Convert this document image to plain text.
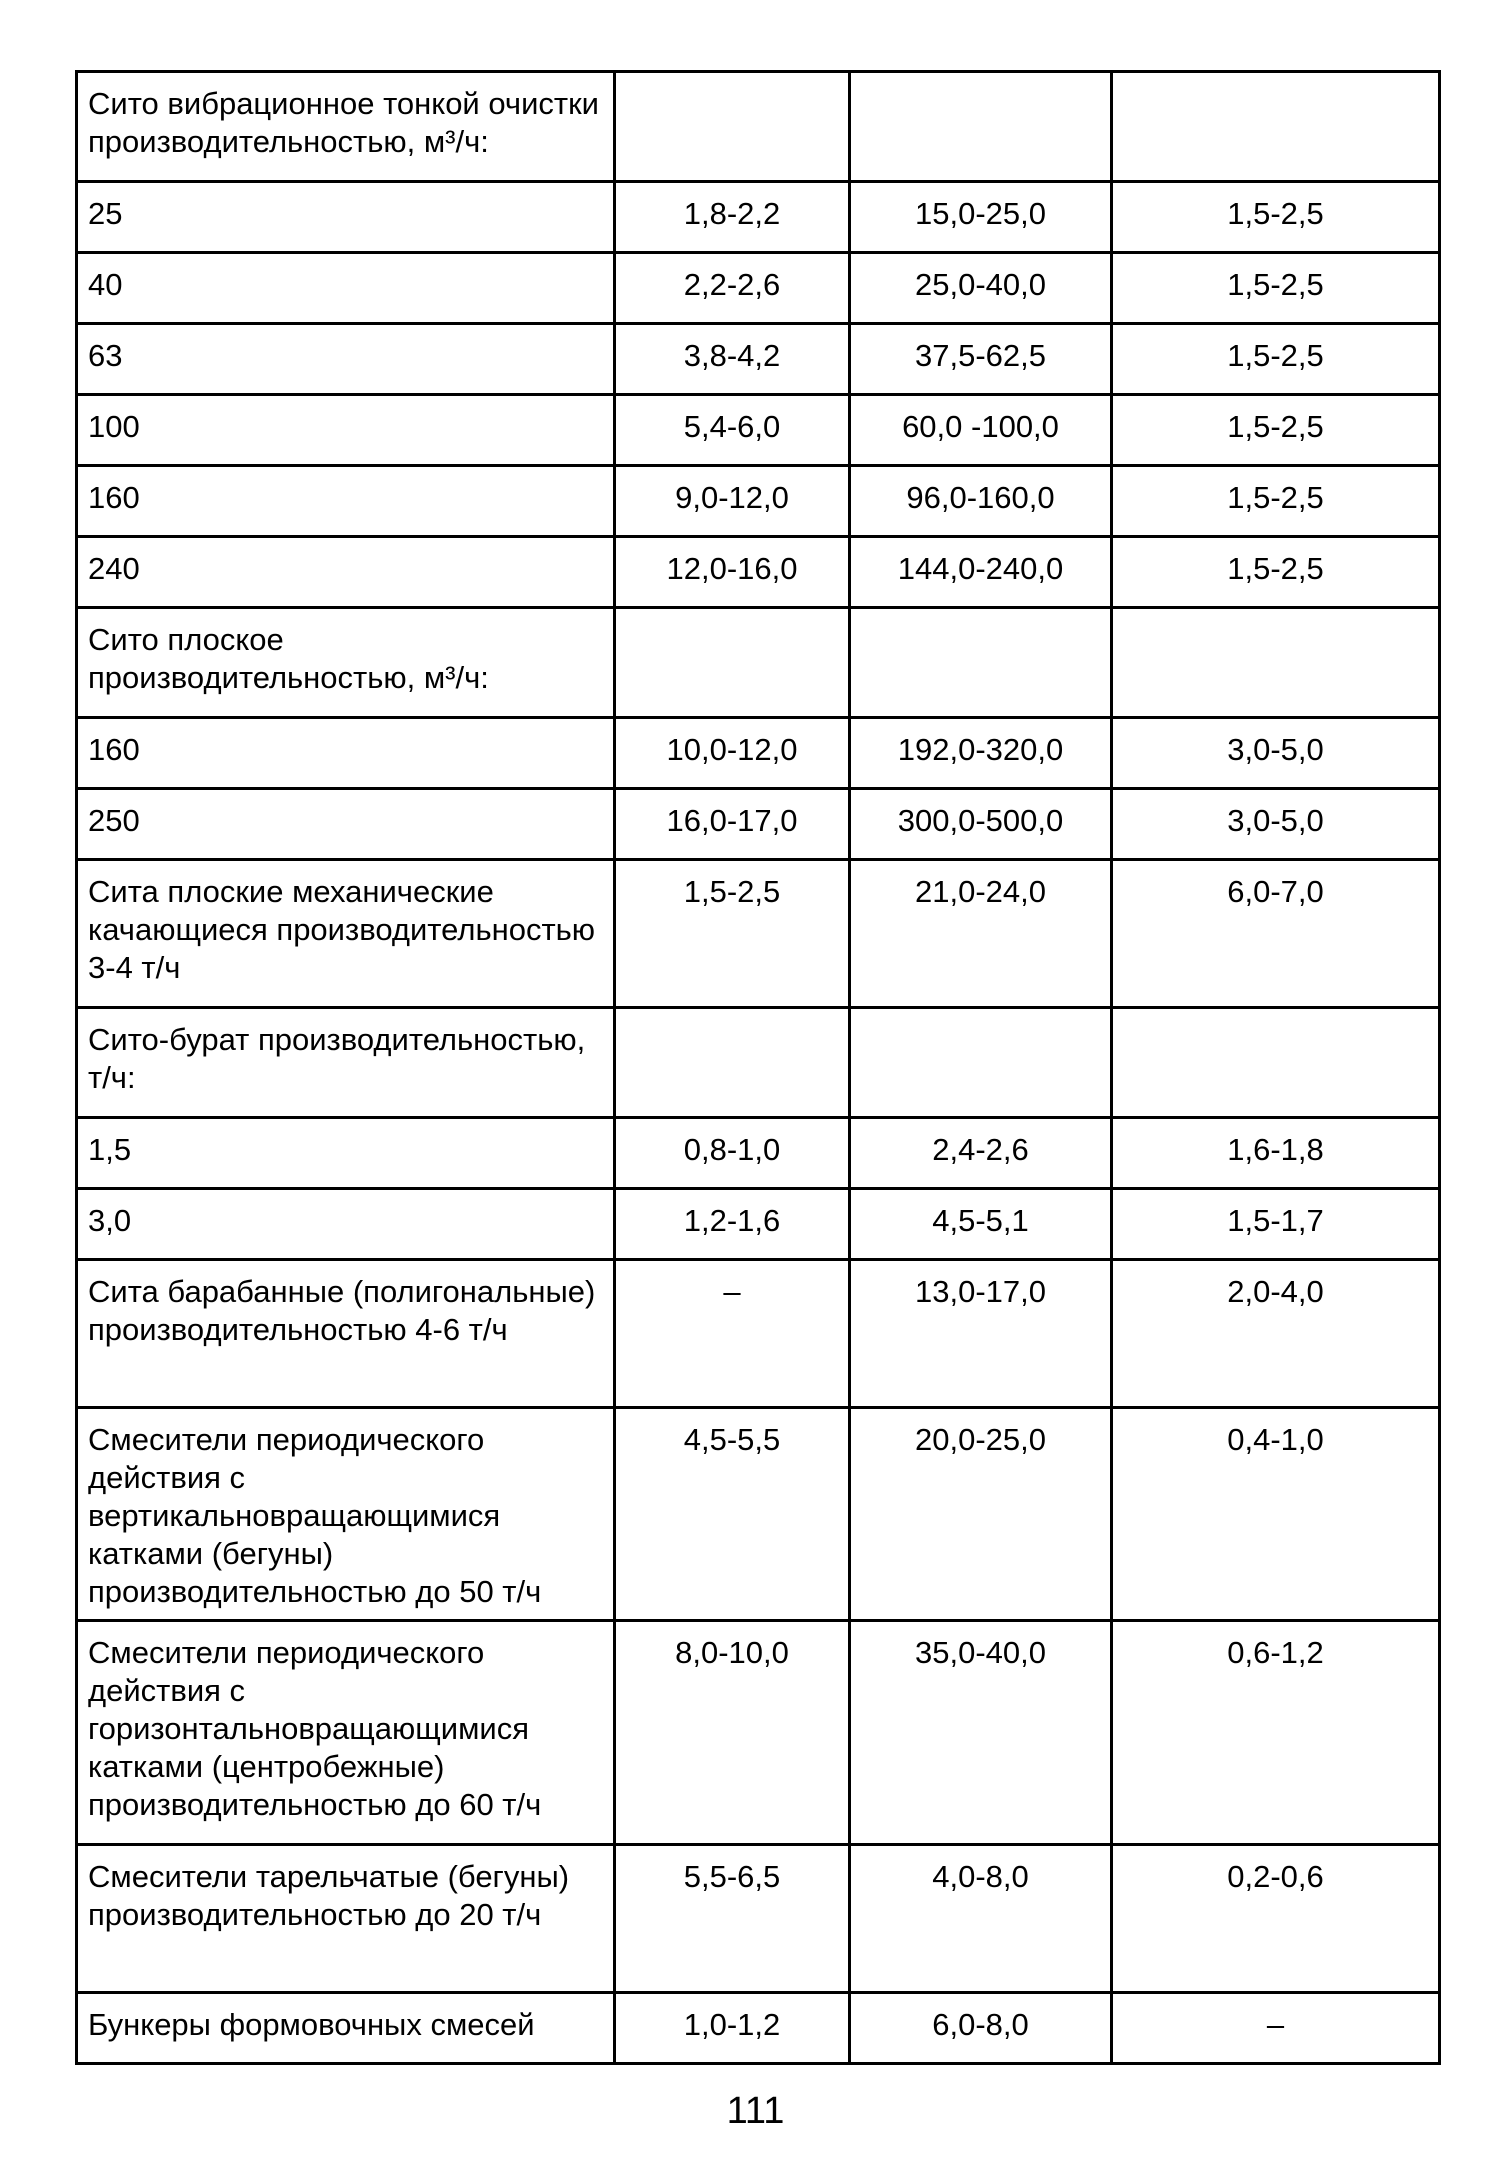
Сито вибрационное тонкой очистки производительностью, м³/ч:			
25	1,8-2,2	15,0-25,0	1,5-2,5
40	2,2-2,6	25,0-40,0	1,5-2,5
63	3,8-4,2	37,5-62,5	1,5-2,5
100	5,4-6,0	60,0 -100,0	1,5-2,5
160	9,0-12,0	96,0-160,0	1,5-2,5
240	12,0-16,0	144,0-240,0	1,5-2,5
Сито плоское производительностью, м³/ч:			
160	10,0-12,0	192,0-320,0	3,0-5,0
250	16,0-17,0	300,0-500,0	3,0-5,0
Сита плоские механические качающиеся производительностью 3-4 т/ч	1,5-2,5	21,0-24,0	6,0-7,0
Сито-бурат производительностью, т/ч:			
1,5	0,8-1,0	2,4-2,6	1,6-1,8
3,0	1,2-1,6	4,5-5,1	1,5-1,7
Сита барабанные (полигональные) производительностью 4-6 т/ч	–	13,0-17,0	2,0-4,0
Смесители периодического действия с вертикальновращающимися катками (бегуны) производительностью до 50 т/ч	4,5-5,5	20,0-25,0	0,4-1,0
Смесители периодического действия с горизонтальновращающимися катками (центробежные) производительностью до 60 т/ч	8,0-10,0	35,0-40,0	0,6-1,2
Смесители тарельчатые (бегуны) производительностью до 20 т/ч	5,5-6,5	4,0-8,0	0,2-0,6
Бункеры формовочных смесей	1,0-1,2	6,0-8,0	–
111
